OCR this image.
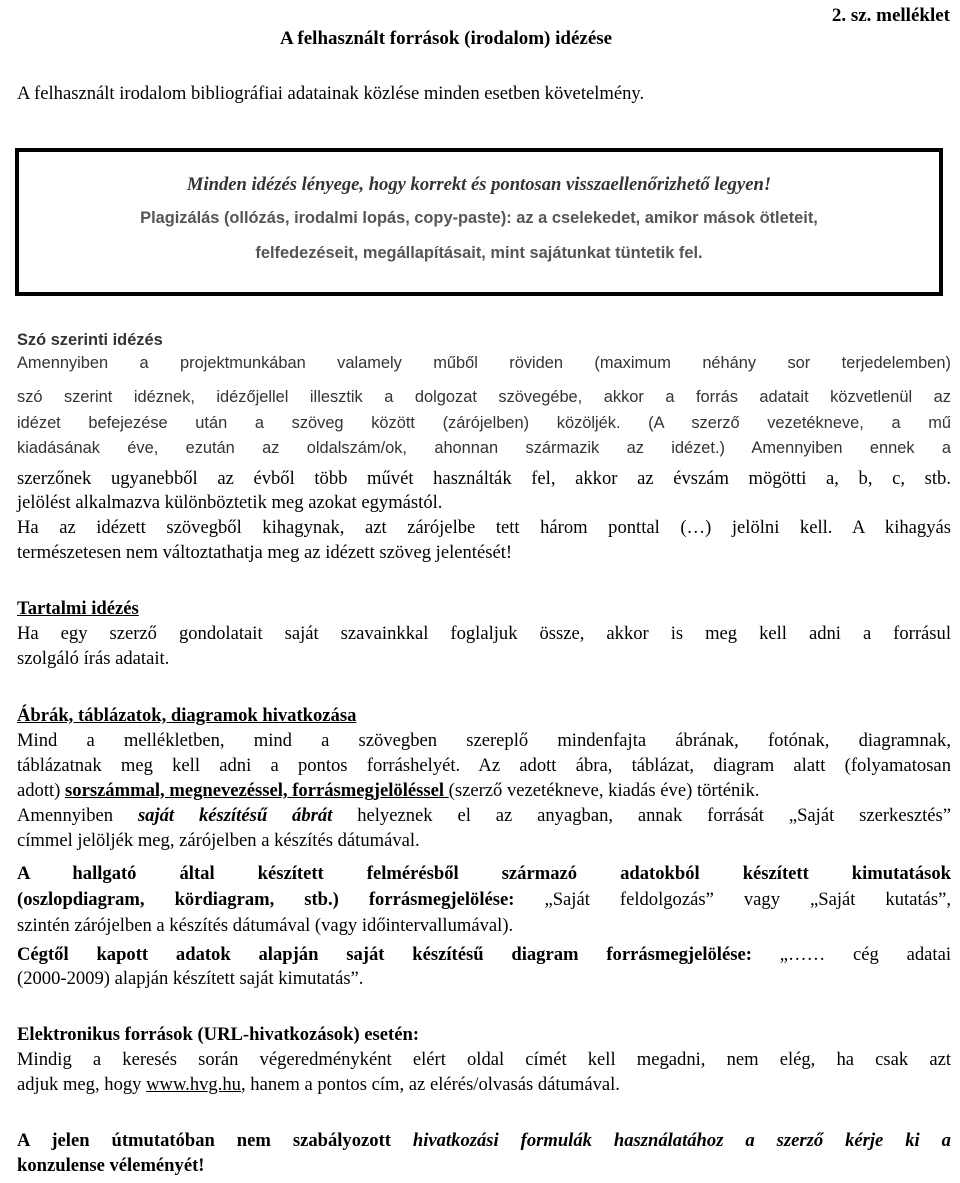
2. sz. melléklet
A felhasznált források (irodalom) idézése
A felhasznált irodalom bibliográfiai adatainak közlése minden esetben követelmény.
Minden idézés lényege, hogy korrekt és pontosan visszaellenőrizhető legyen!
Plagizálás (ollózás, irodalmi lopás, copy-paste): az a cselekedet, amikor mások ötleteit,
felfedezéseit, megállapításait, mint sajátunkat tüntetik fel.
Szó szerinti idézés
Amennyiben a projektmunkában valamely műből röviden (maximum néhány sor terjedelemben)
szó szerint idéznek, idézőjellel illesztik a dolgozat szövegébe, akkor a forrás adatait közvetlenül az
idézet befejezése után a szöveg között (zárójelben) közöljék. (A szerző vezetékneve, a mű
kiadásának éve, ezután az oldalszám/ok, ahonnan származik az idézet.) Amennyiben ennek a
szerzőnek ugyanebből az évből több művét használták fel, akkor az évszám mögötti a, b, c, stb.
jelölést alkalmazva különböztetik meg azokat egymástól.
Ha az idézett szövegből kihagynak, azt zárójelbe tett három ponttal (…) jelölni kell. A kihagyás
természetesen nem változtathatja meg az idézett szöveg jelentését!
Tartalmi idézés
Ha egy szerző gondolatait saját szavainkkal foglaljuk össze, akkor is meg kell adni a forrásul
szolgáló írás adatait.
Ábrák, táblázatok, diagramok hivatkozása
Mind a mellékletben, mind a szövegben szereplő mindenfajta ábrának, fotónak, diagramnak,
táblázatnak meg kell adni a pontos forráshelyét. Az adott ábra, táblázat, diagram alatt (folyamatosan
adott) sorszámmal, megnevezéssel, forrásmegjelöléssel (szerző vezetékneve, kiadás éve) történik.
Amennyiben saját készítésű ábrát helyeznek el az anyagban, annak forrását „Saját szerkesztés”
címmel jelöljék meg, zárójelben a készítés dátumával.
A hallgató által készített felmérésből származó adatokból készített kimutatások
(oszlopdiagram, kördiagram, stb.) forrásmegjelölése: „Saját feldolgozás” vagy „Saját kutatás”,
szintén zárójelben a készítés dátumával (vagy időintervallumával).
Cégtől kapott adatok alapján saját készítésű diagram forrásmegjelölése: „…… cég adatai
(2000-2009) alapján készített saját kimutatás”.
Elektronikus források (URL-hivatkozások) esetén:
Mindig a keresés során végeredményként elért oldal címét kell megadni, nem elég, ha csak azt
adjuk meg, hogy www.hvg.hu, hanem a pontos cím, az elérés/olvasás dátumával.
A jelen útmutatóban nem szabályozott hivatkozási formulák használatához a szerző kérje ki a
konzulense véleményét!
